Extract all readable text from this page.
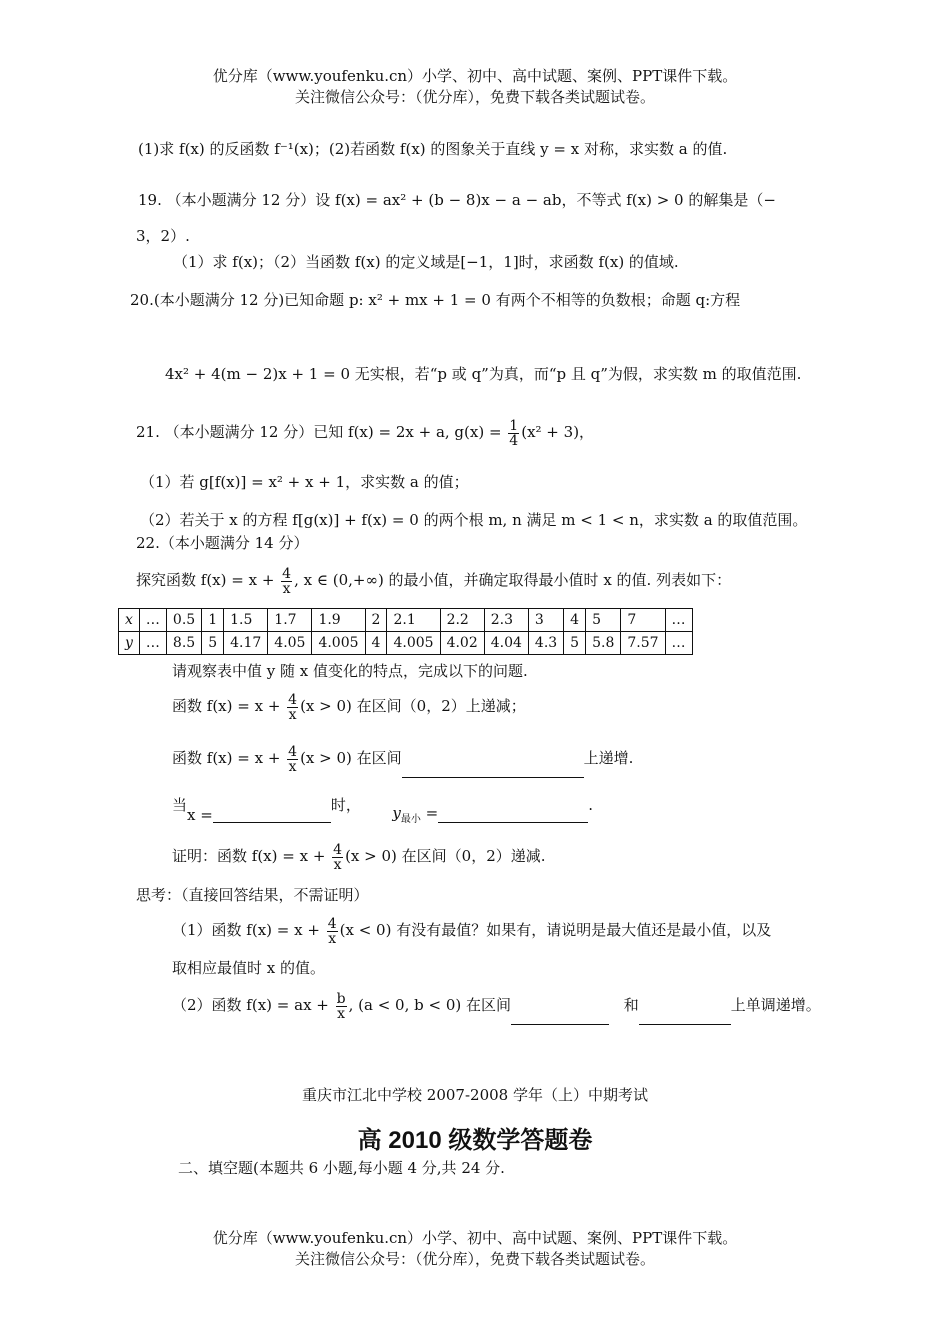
优分库（www.youfenku.cn）小学、初中、高中试题、案例、PPT课件下载。
关注微信公众号：（优分库），免费下载各类试题试卷。
(1)求 f(x) 的反函数 f⁻¹(x)；(2)若函数 f(x) 的图象关于直线 y = x 对称，求实数 a 的值.
19. （本小题满分 12 分）设 f(x) = ax² + (b − 8)x − a − ab，不等式 f(x) > 0 的解集是（−
3，2）.
（1）求 f(x)；（2）当函数 f(x) 的定义域是[−1，1]时，求函数 f(x) 的值域.
20.(本小题满分 12 分)已知命题 p: x² + mx + 1 = 0 有两个不相等的负数根；命题 q:方程
4x² + 4(m − 2)x + 1 = 0 无实根，若“p 或 q”为真，而“p 且 q”为假，求实数 m 的取值范围.
21. （本小题满分 12 分）已知 f(x) = 2x + a, $g(x) = \frac{1}{4} (x^2 + 3)$，
（1）若 g[f(x)] = x² + x + 1，求实数 a 的值；
（2）若关于 x 的方程 f[g(x)] + f(x) = 0 的两个根 m, n 满足 m < 1 < n，求实数 a 的取值范围。
22.（本小题满分 14 分）
探究函数 $f(x) = x + \frac{4}{x}$ , x ∈ (0,+∞) 的最小值，并确定取得最小值时 x 的值. 列表如下：
x	…	0.5	1	1.5	1.7	1.9	2	2.1	2.2	2.3	3	4	5	7	…
y	…	8.5	5	4.17	4.05	4.005	4	4.005	4.02	4.04	4.3	5	5.8	7.57	…
请观察表中值 y 随 x 值变化的特点，完成以下的问题.
函数 $f(x) = x + \frac{4}{x} (x > 0)$ 在区间（0，2）上递减；
函数 $f(x) = x + \frac{4}{x} (x > 0)$ 在区间	上递增.
当x =时， $y_{最小}$ =	.
证明：函数 $f(x) = x + \frac{4}{x} (x > 0)$ 在区间（0，2）递减.
思考：（直接回答结果，不需证明）
（1）函数 $f(x) = x + \frac{4}{x} (x < 0)$ 有没有最值？如果有，请说明是最大值还是最小值，以及
取相应最值时 x 的值。
（2）函数 f(x) = ax + $\frac{b}{x}$ , (a < 0, b < 0) 在区间	和	上单调递增。
重庆市江北中学校 2007-2008 学年（上）中期考试
高 2010 级数学答题卷
二、填空题(本题共 6 小题,每小题 4 分,共 24 分.
优分库（www.youfenku.cn）小学、初中、高中试题、案例、PPT课件下载。
关注微信公众号：（优分库），免费下载各类试题试卷。
